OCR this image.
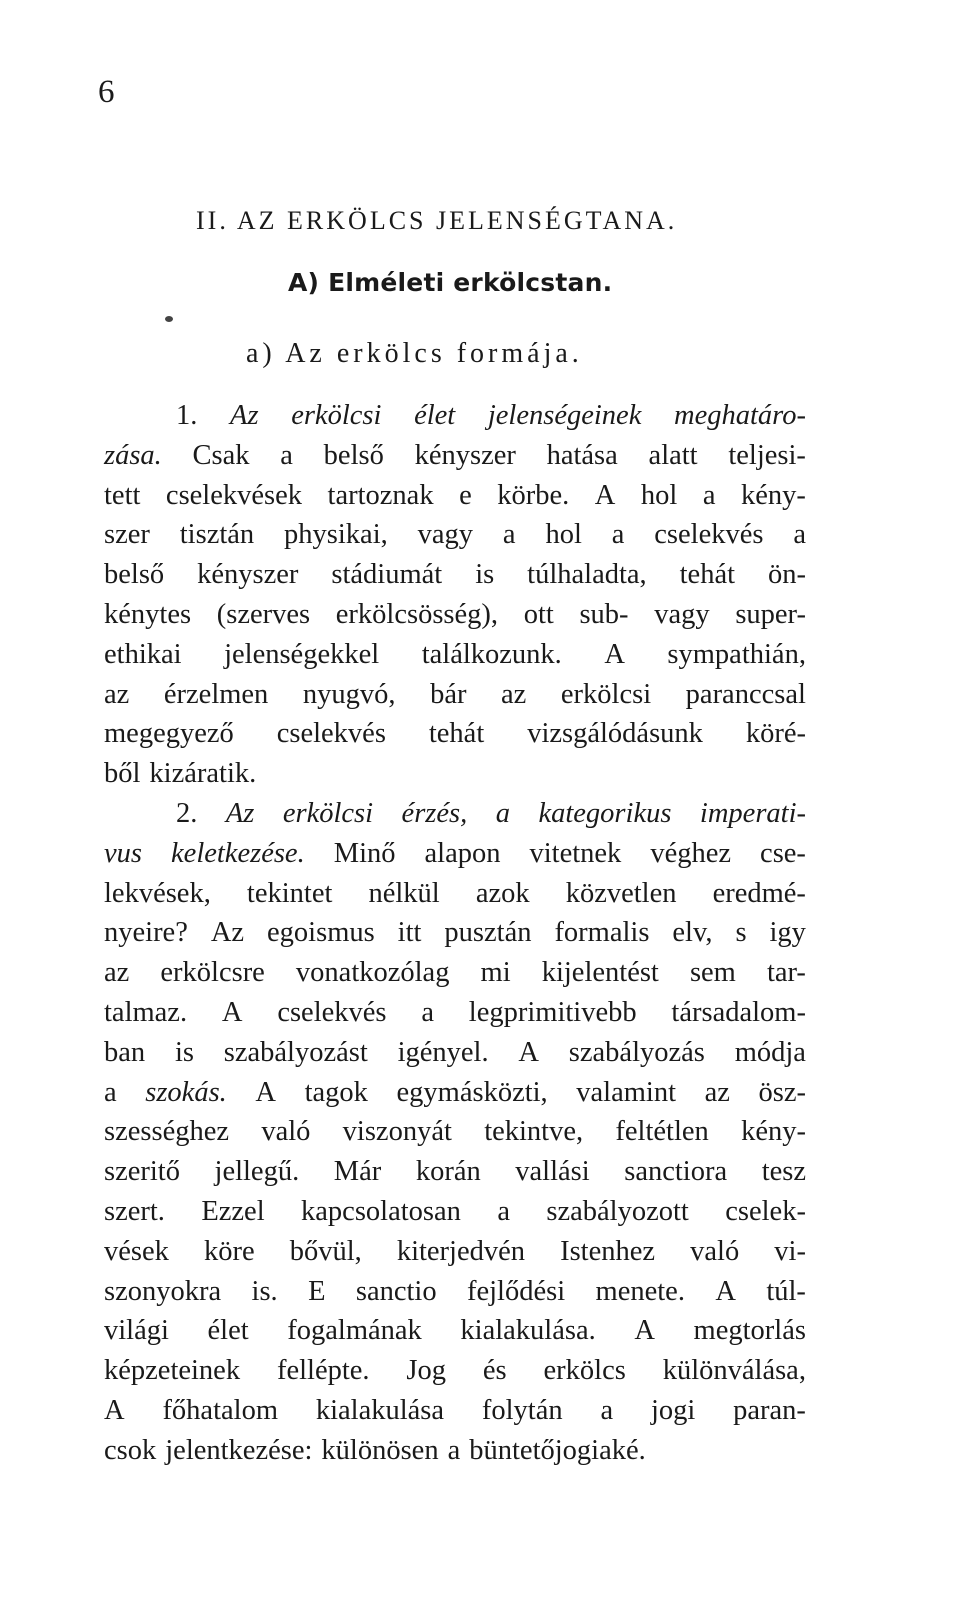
6
II. AZ ERKÖLCS JELENSÉGTANA.
A) Elméleti erkölcstan.
a) Az erkölcs formája.
1. Az erkölcsi élet jelenségeinek meghatáro-
zása. Csak a belső kényszer hatása alatt teljesi-
tett cselekvések tartoznak e körbe. A hol a kény-
szer tisztán physikai, vagy a hol a cselekvés a
belső kényszer stádiumát is túlhaladta, tehát ön-
kénytes (szerves erkölcsösség), ott sub- vagy super-
ethikai jelenségekkel találkozunk. A sympathián,
az érzelmen nyugvó, bár az erkölcsi paranccsal
megegyező cselekvés tehát vizsgálódásunk köré-
ből kizáratik.
2. Az erkölcsi érzés, a kategorikus imperati-
vus keletkezése. Minő alapon vitetnek véghez cse-
lekvések, tekintet nélkül azok közvetlen eredmé-
nyeire? Az egoismus itt pusztán formalis elv, s igy
az erkölcsre vonatkozólag mi kijelentést sem tar-
talmaz. A cselekvés a legprimitivebb társadalom-
ban is szabályozást igényel. A szabályozás módja
a szokás. A tagok egymásközti, valamint az ösz-
szességhez való viszonyát tekintve, feltétlen kény-
szeritő jellegű. Már korán vallási sanctiora tesz
szert. Ezzel kapcsolatosan a szabályozott cselek-
vések köre bővül, kiterjedvén Istenhez való vi-
szonyokra is. E sanctio fejlődési menete. A túl-
világi élet fogalmának kialakulása. A megtorlás
képzeteinek fellépte. Jog és erkölcs különválása,
A főhatalom kialakulása folytán a jogi paran-
csok jelentkezése: különösen a büntetőjogiaké.
